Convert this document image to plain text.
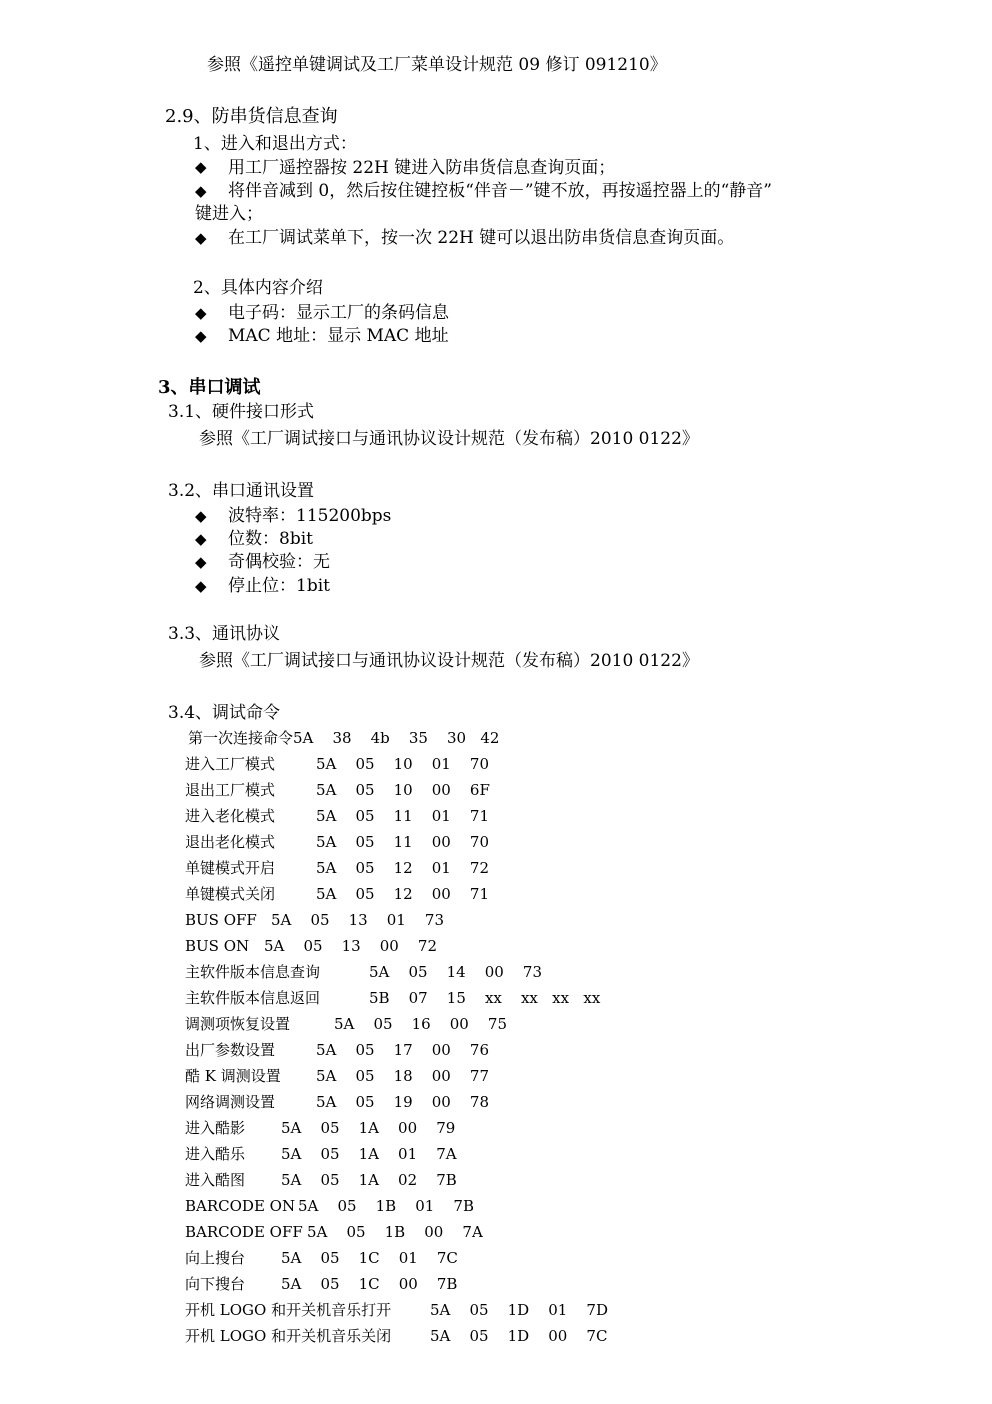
参照《遥控单键调试及工厂菜单设计规范 09 修订 091210》
2.9、防串货信息查询
1、进入和退出方式：
◆ 用工厂遥控器按 22H 键进入防串货信息查询页面；
◆ 将伴音减到 0，然后按住键控板“伴音－”键不放，再按遥控器上的“静音”
键进入；
◆ 在工厂调试菜单下，按一次 22H 键可以退出防串货信息查询页面。
2、具体内容介绍
◆ 电子码：显示工厂的条码信息
◆ MAC 地址：显示 MAC 地址
3、串口调试
3.1、硬件接口形式
参照《工厂调试接口与通讯协议设计规范（发布稿）2010 0122》
3.2、串口通讯设置
◆ 波特率：115200bps
◆ 位数：8bit
◆ 奇偶校验：无
◆ 停止位：1bit
3.3、通讯协议
参照《工厂调试接口与通讯协议设计规范（发布稿）2010 0122》
3.4、调试命令
第一次连接命令5A    38    4b    35    30   42
进入工厂模式	5A    05    10    01    70
退出工厂模式	5A    05    10    00    6F
进入老化模式	5A    05    11    01    71
退出老化模式	5A    05    11    00    70
单键模式开启	5A    05    12    01    72
单键模式关闭	5A    05    12    00    71
BUS OFF 5A    05    13    01    73
BUS ON 5A    05    13    00    72
主软件版本信息查询	5A    05    14    00    73
主软件版本信息返回	5B    07    15    xx    xx   xx   xx
调测项恢复设置	5A    05    16    00    75
出厂参数设置	5A    05    17    00    76
酷 K 调测设置 5A    05    18    00    77
网络调测设置	5A    05    19    00    78
进入酷影 5A    05    1A    00    79
进入酷乐 5A    05    1A    01    7A
进入酷图 5A    05    1A    02    7B
BARCODE ON 5A    05    1B    01    7B
BARCODE OFF 5A    05    1B    00    7A
向上搜台 5A    05    1C    01    7C
向下搜台 5A    05    1C    00    7B
开机 LOGO 和开关机音乐打开	5A    05    1D    01    7D
开机 LOGO 和开关机音乐关闭	5A    05    1D    00    7C
